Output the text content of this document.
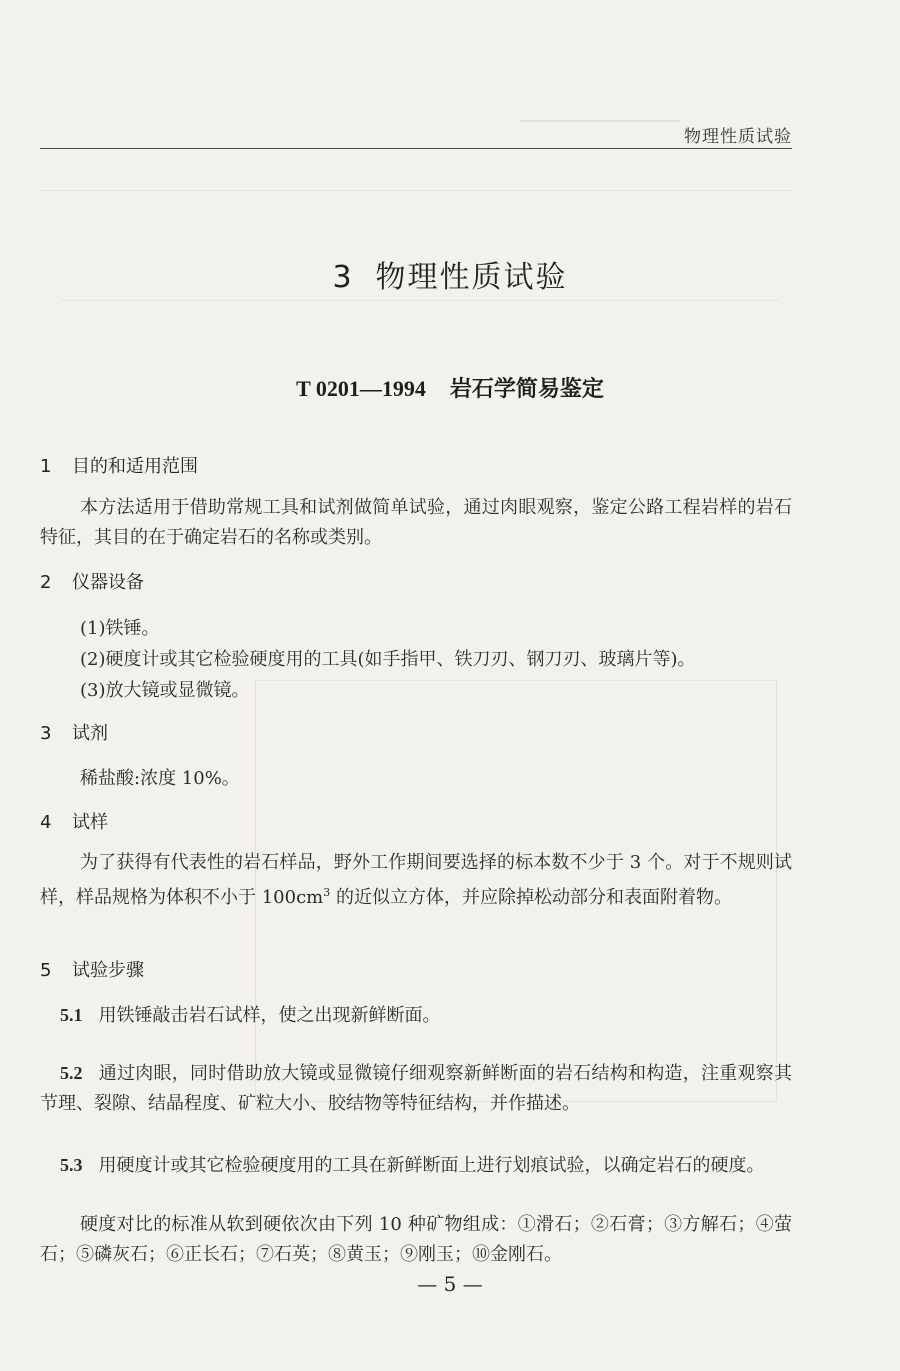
物理性质试验
3 物理性质试验
T 0201—1994 岩石学简易鉴定
1 目的和适用范围
本方法适用于借助常规工具和试剂做简单试验，通过肉眼观察，鉴定公路工程岩样的岩石特征，其目的在于确定岩石的名称或类别。
2 仪器设备
(1)铁锤。
(2)硬度计或其它检验硬度用的工具(如手指甲、铁刀刃、钢刀刃、玻璃片等)。
(3)放大镜或显微镜。
3 试剂
稀盐酸:浓度 10%。
4 试样
为了获得有代表性的岩石样品，野外工作期间要选择的标本数不少于 3 个。对于不规则试样，样品规格为体积不小于 $100cm^3$ 的近似立方体，并应除掉松动部分和表面附着物。
5 试验步骤
5.1 用铁锤敲击岩石试样，使之出现新鲜断面。
5.2 通过肉眼，同时借助放大镜或显微镜仔细观察新鲜断面的岩石结构和构造，注重观察其节理、裂隙、结晶程度、矿粒大小、胶结物等特征结构，并作描述。
5.3 用硬度计或其它检验硬度用的工具在新鲜断面上进行划痕试验，以确定岩石的硬度。
硬度对比的标准从软到硬依次由下列 10 种矿物组成：①滑石；②石膏；③方解石；④萤石；⑤磷灰石；⑥正长石；⑦石英；⑧黄玉；⑨刚玉；⑩金刚石。
— 5 —
